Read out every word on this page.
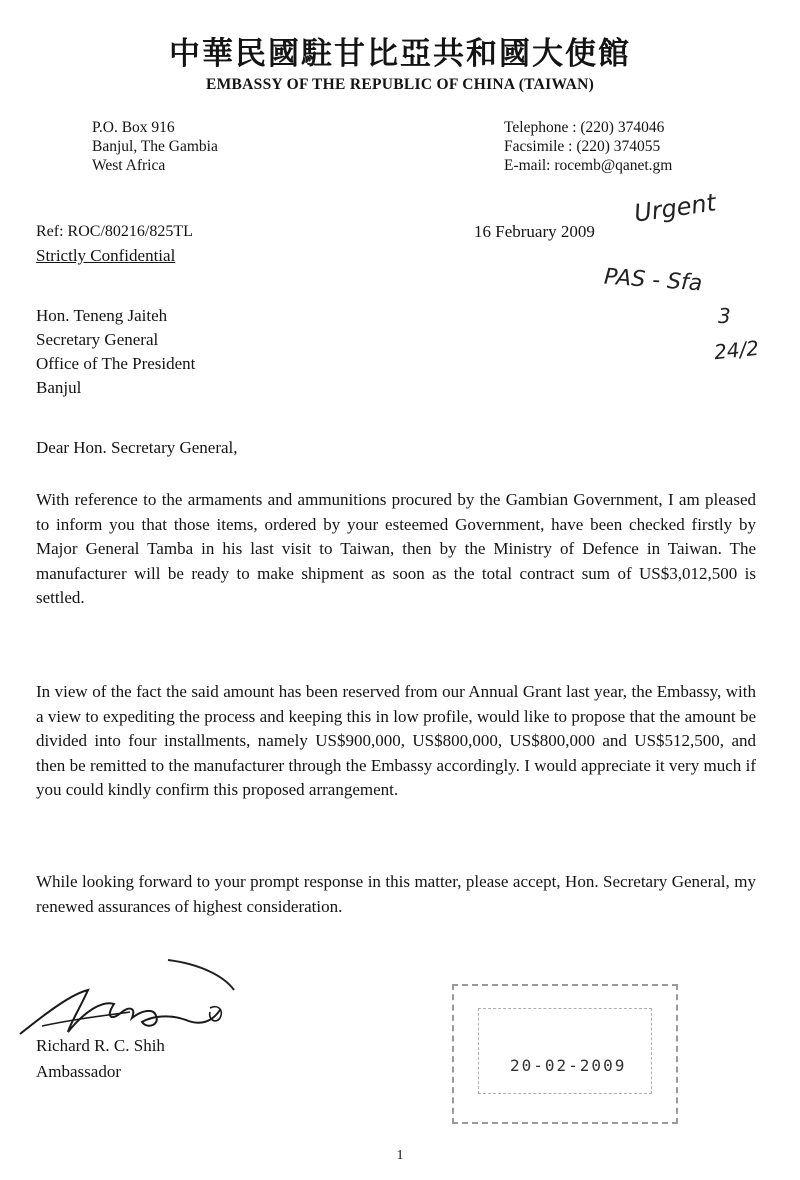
中華民國駐甘比亞共和國大使館
EMBASSY OF THE REPUBLIC OF CHINA (TAIWAN)
P.O. Box 916
Banjul, The Gambia
West Africa
Telephone : (220) 374046
Facsimile : (220) 374055
E-mail: rocemb@qanet.gm
Ref: ROC/80216/825TL	16 February 2009
Strictly Confidential
Urgent
PAS - Sfa
3
24/2
Hon. Teneng Jaiteh
Secretary General
Office of The President
Banjul
Dear Hon. Secretary General,
With reference to the armaments and ammunitions procured by the Gambian Government, I am pleased to inform you that those items, ordered by your esteemed Government, have been checked firstly by Major General Tamba in his last visit to Taiwan, then by the Ministry of Defence in Taiwan. The manufacturer will be ready to make shipment as soon as the total contract sum of US$3,012,500 is settled.
In view of the fact the said amount has been reserved from our Annual Grant last year, the Embassy, with a view to expediting the process and keeping this in low profile, would like to propose that the amount be divided into four installments, namely US$900,000, US$800,000, US$800,000 and US$512,500, and then be remitted to the manufacturer through the Embassy accordingly. I would appreciate it very much if you could kindly confirm this proposed arrangement.
While looking forward to your prompt response in this matter, please accept, Hon. Secretary General, my renewed assurances of highest consideration.
Richard R. C. Shih
Ambassador	20-02-2009
1
